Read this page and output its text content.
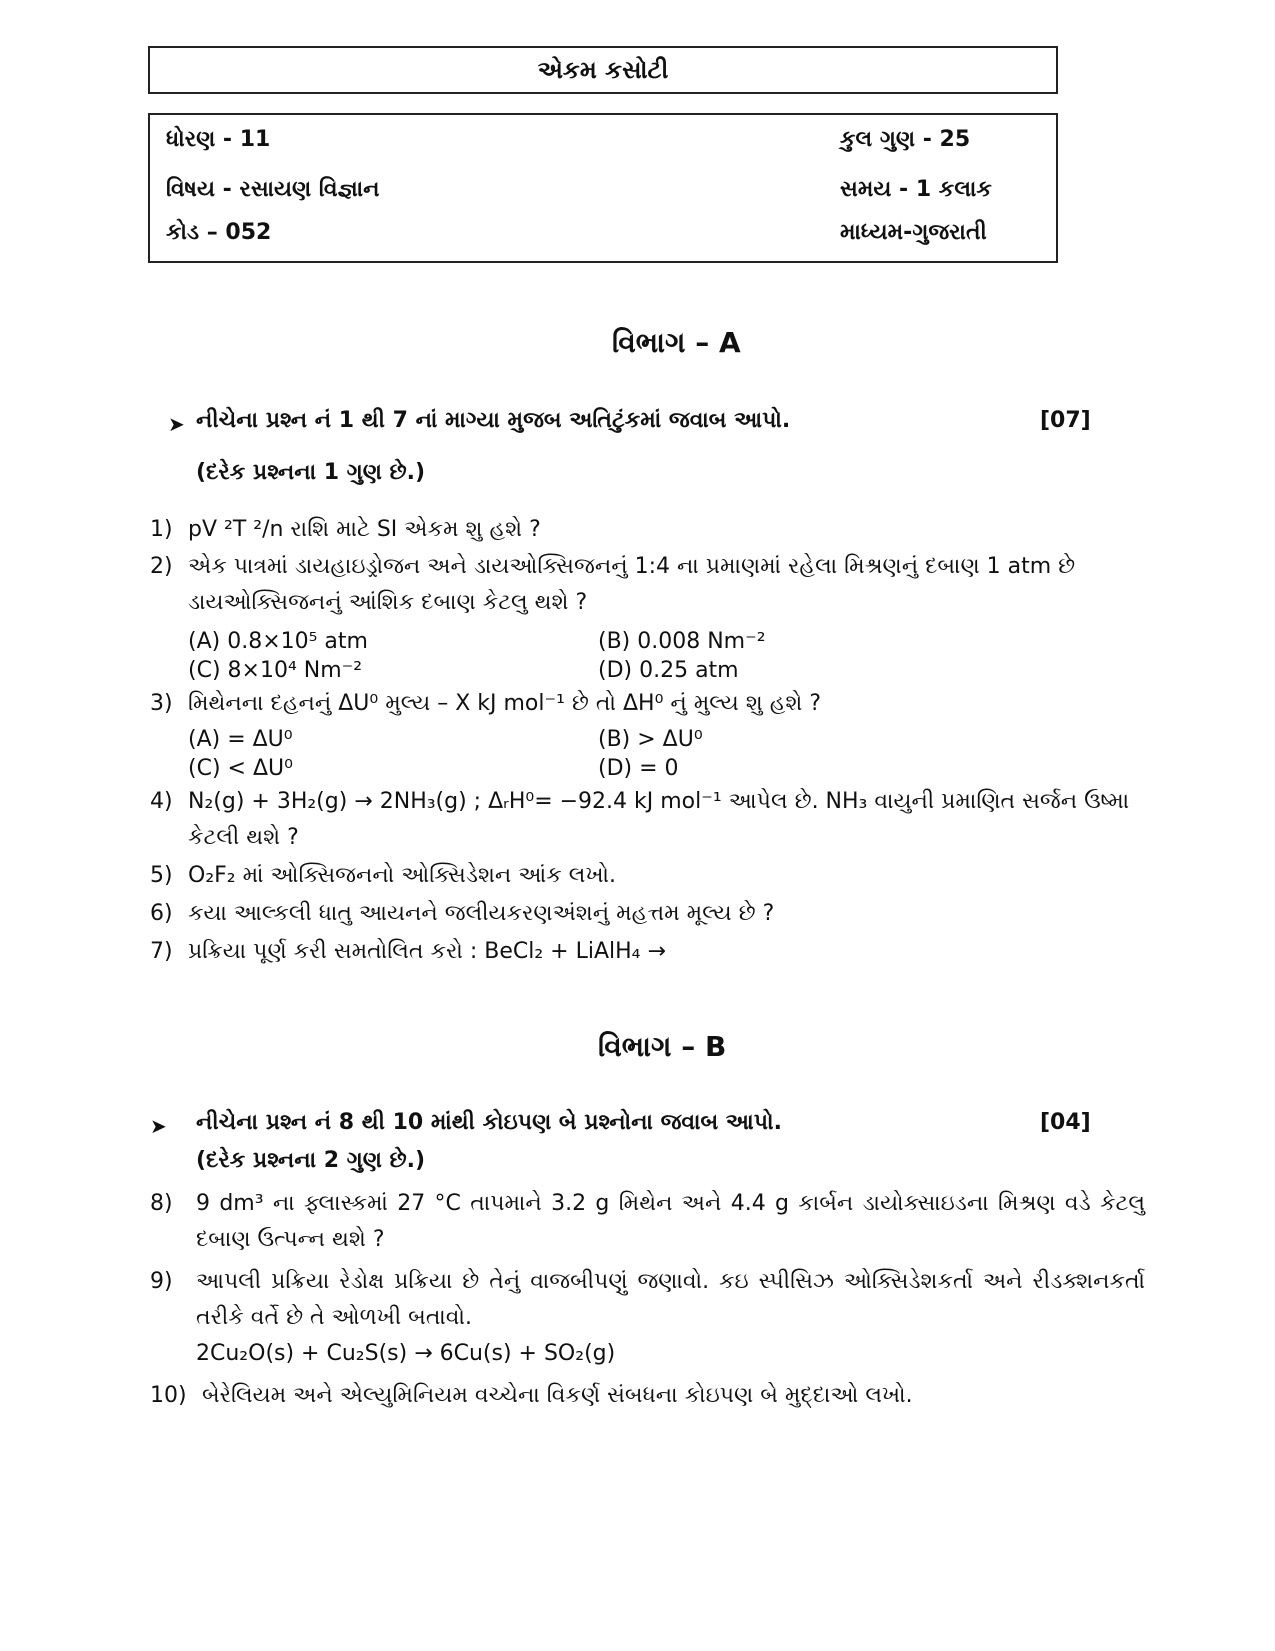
એકમ કસોટી
ધોરણ - 11	કુલ ગુણ - 25
વિષય - રસાયણ વિજ્ઞાન	સમય - 1 કલાક
કોડ – 052	માધ્યમ-ગુજરાતી
વિભાગ – A
➤ નીચેના પ્રશ્ન નં 1 થી 7 નાં માગ્યા મુજબ અતિટુંકમાં જવાબ આપો.	[07]
(દરેક પ્રશ્નના 1 ગુણ છે.)
1) pV ²T ²/n રાશિ માટે SI એકમ શુ હશે ?
2) એક પાત્રમાં ડાયહાઇડ્રોજન અને ડાયઓક્સિજનનું 1:4 ના પ્રમાણમાં રહેલા મિશ્રણનું દબાણ 1 atm છે ડાયઓક્સિજનનું આંશિક દબાણ કેટલુ થશે ?
(A) 0.8×10⁵ atm	(B) 0.008 Nm⁻²
(C) 8×10⁴ Nm⁻²	(D) 0.25 atm
3) મિથેનના દહનનું ΔU⁰ મુલ્ય – X kJ mol⁻¹ છે તો ΔH⁰ નું મુલ્ય શુ હશે ?
(A) = ΔU⁰	(B) > ΔU⁰
(C) < ΔU⁰	(D) = 0
4) N₂(g) + 3H₂(g) → 2NH₃(g) ; ΔᵣH⁰= −92.4 kJ mol⁻¹ આપેલ છે. NH₃ વાયુની પ્રમાણિત સર્જન ઉષ્મા કેટલી થશે ?
5) O₂F₂ માં ઓક્સિજનનો ઓક્સિડેશન આંક લખો.
6) કયા આલ્કલી ધાતુ આયનને જલીયકરણઅંશનું મહત્તમ મૂલ્ય છે ?
7) પ્રક્રિયા પૂર્ણ કરી સમતોલિત કરો : BeCl₂ + LiAlH₄ →
વિભાગ – B
➤ નીચેના પ્રશ્ન નં 8 થી 10 માંથી કોઇપણ બે પ્રશ્નોના જવાબ આપો.	[04]
(દરેક પ્રશ્નના 2 ગુણ છે.)
8) 9 dm³ ના ફ્લાસ્કમાં 27 °C તાપમાને 3.2 g મિથેન અને 4.4 g કાર્બન ડાયોક્સાઇડના મિશ્રણ વડે કેટલુ દબાણ ઉત્પન્ન થશે ?
9) આપલી પ્રક્રિયા રેડોક્ષ પ્રક્રિયા છે તેનું વાજબીપણું જણાવો. કઇ સ્પીસિઝ ઓક્સિડેશકર્તા અને રીડક્શનકર્તા તરીકે વર્તે છે તે ઓળખી બતાવો.
2Cu₂O(s) + Cu₂S(s) → 6Cu(s) + SO₂(g)
10) બેરેલિયમ અને એલ્યુમિનિયમ વચ્ચેના વિકર્ણ સંબધના કોઇપણ બે મુદ્દાઓ લખો.
